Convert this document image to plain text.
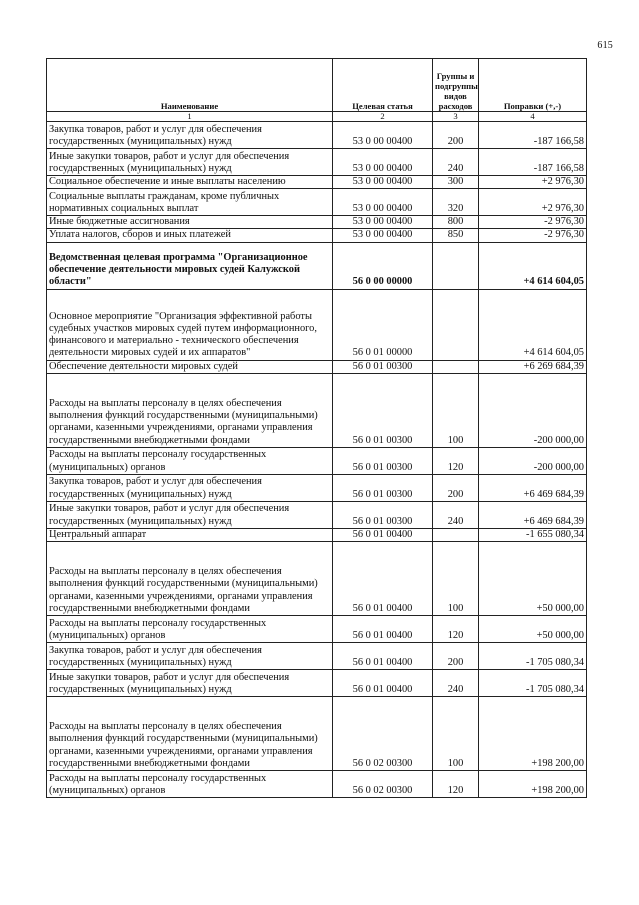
615
Наименование	Целевая статья	Группы и подгруппы видов расходов	Поправки (+,-)
1	2	3	4
Закупка товаров, работ и услуг для обеспечения государственных (муниципальных) нужд	53 0 00 00400	200	-187 166,58
Иные закупки товаров, работ и услуг для обеспечения государственных (муниципальных) нужд	53 0 00 00400	240	-187 166,58
Социальное обеспечение и иные выплаты населению	53 0 00 00400	300	+2 976,30
Социальные выплаты гражданам, кроме публичных нормативных социальных выплат	53 0 00 00400	320	+2 976,30
Иные бюджетные ассигнования	53 0 00 00400	800	-2 976,30
Уплата налогов, сборов и иных платежей	53 0 00 00400	850	-2 976,30
Ведомственная целевая программа "Организационное обеспечение деятельности мировых судей Калужской области"	56 0 00 00000		+4 614 604,05
Основное мероприятие "Организация эффективной работы судебных участков мировых судей путем информационного, финансового и материально - технического обеспечения деятельности мировых судей и их аппаратов"	56 0 01 00000		+4 614 604,05
Обеспечение деятельности мировых судей	56 0 01 00300		+6 269 684,39
Расходы на выплаты персоналу в целях обеспечения выполнения функций государственными (муниципальными) органами, казенными учреждениями, органами управления государственными внебюджетными фондами	56 0 01 00300	100	-200 000,00
Расходы на выплаты персоналу государственных (муниципальных) органов	56 0 01 00300	120	-200 000,00
Закупка товаров, работ и услуг для обеспечения государственных (муниципальных) нужд	56 0 01 00300	200	+6 469 684,39
Иные закупки товаров, работ и услуг для обеспечения государственных (муниципальных) нужд	56 0 01 00300	240	+6 469 684,39
Центральный аппарат	56 0 01 00400		-1 655 080,34
Расходы на выплаты персоналу в целях обеспечения выполнения функций государственными (муниципальными) органами, казенными учреждениями, органами управления государственными внебюджетными фондами	56 0 01 00400	100	+50 000,00
Расходы на выплаты персоналу государственных (муниципальных) органов	56 0 01 00400	120	+50 000,00
Закупка товаров, работ и услуг для обеспечения государственных (муниципальных) нужд	56 0 01 00400	200	-1 705 080,34
Иные закупки товаров, работ и услуг для обеспечения государственных (муниципальных) нужд	56 0 01 00400	240	-1 705 080,34
Расходы на выплаты персоналу в целях обеспечения выполнения функций государственными (муниципальными) органами, казенными учреждениями, органами управления государственными внебюджетными фондами	56 0 02 00300	100	+198 200,00
Расходы на выплаты персоналу государственных (муниципальных) органов	56 0 02 00300	120	+198 200,00
